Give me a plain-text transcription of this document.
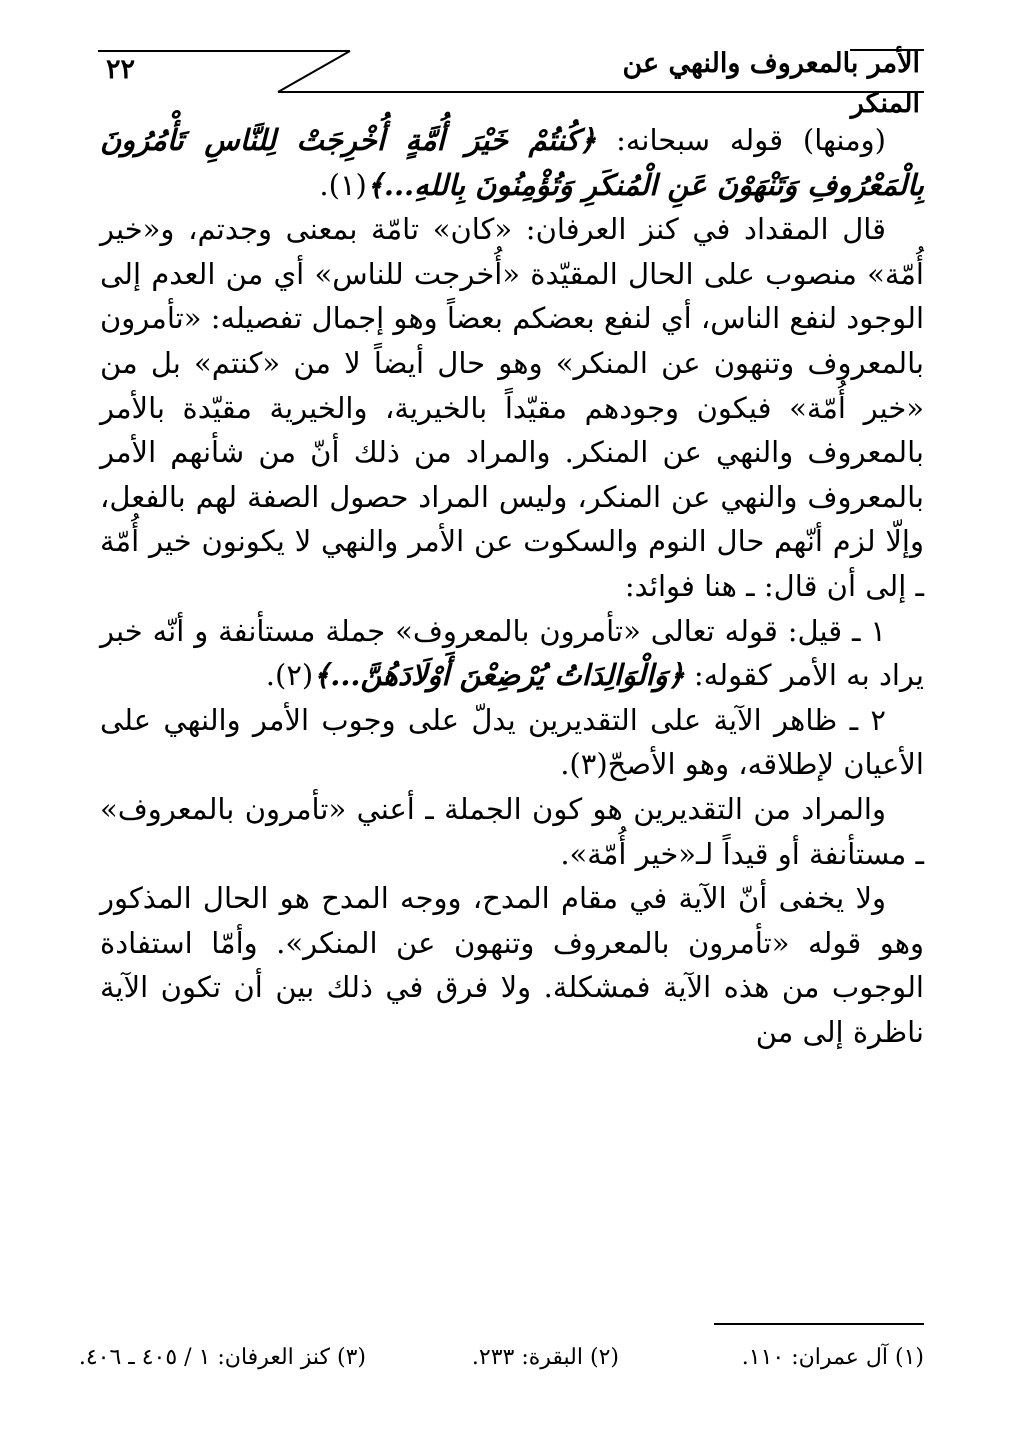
الأمر بالمعروف والنهي عن المنكر
٢٢

(ومنها) قوله سبحانه: ﴿كُنتُمْ خَيْرَ أُمَّةٍ أُخْرِجَتْ لِلنَّاسِ تَأْمُرُونَ بِالْمَعْرُوفِ وَتَنْهَوْنَ عَنِ الْمُنكَرِ وَتُؤْمِنُونَ بِاللهِ...﴾(١).

قال المقداد في كنز العرفان: «كان» تامّة بمعنى وجدتم، و«خير أُمّة» منصوب على الحال المقيّدة «أُخرجت للناس» أي من العدم إلى الوجود لنفع الناس، أي لنفع بعضكم بعضاً وهو إجمال تفصيله: «تأمرون بالمعروف وتنهون عن المنكر» وهو حال أيضاً لا من «كنتم» بل من «خير أُمّة» فيكون وجودهم مقيّداً بالخيرية، والخيرية مقيّدة بالأمر بالمعروف والنهي عن المنكر. والمراد من ذلك أنّ من شأنهم الأمر بالمعروف والنهي عن المنكر، وليس المراد حصول الصفة لهم بالفعل، وإلّا لزم أنّهم حال النوم والسكوت عن الأمر والنهي لا يكونون خير أُمّة ـ إلى أن قال: ـ هنا فوائد:

١ ـ قيل: قوله تعالى «تأمرون بالمعروف» جملة مستأنفة و أنّه خبر يراد به الأمر كقوله: ﴿وَالْوَالِدَاتُ يُرْضِعْنَ أَوْلَادَهُنَّ...﴾(٢).

٢ ـ ظاهر الآية على التقديرين يدلّ على وجوب الأمر والنهي على الأعيان لإطلاقه، وهو الأصحّ(٣).

والمراد من التقديرين هو كون الجملة ـ أعني «تأمرون بالمعروف» ـ مستأنفة أو قيداً لـ«خير أُمّة».

ولا يخفى أنّ الآية في مقام المدح، ووجه المدح هو الحال المذكور وهو قوله «تأمرون بالمعروف وتنهون عن المنكر». وأمّا استفادة الوجوب من هذه الآية فمشكلة. ولا فرق في ذلك بين أن تكون الآية ناظرة إلى من

(١) آل عمران: ١١٠.
(٢) البقرة: ٢٣٣.
(٣) كنز العرفان: ١ / ٤٠٥ ـ ٤٠٦.
